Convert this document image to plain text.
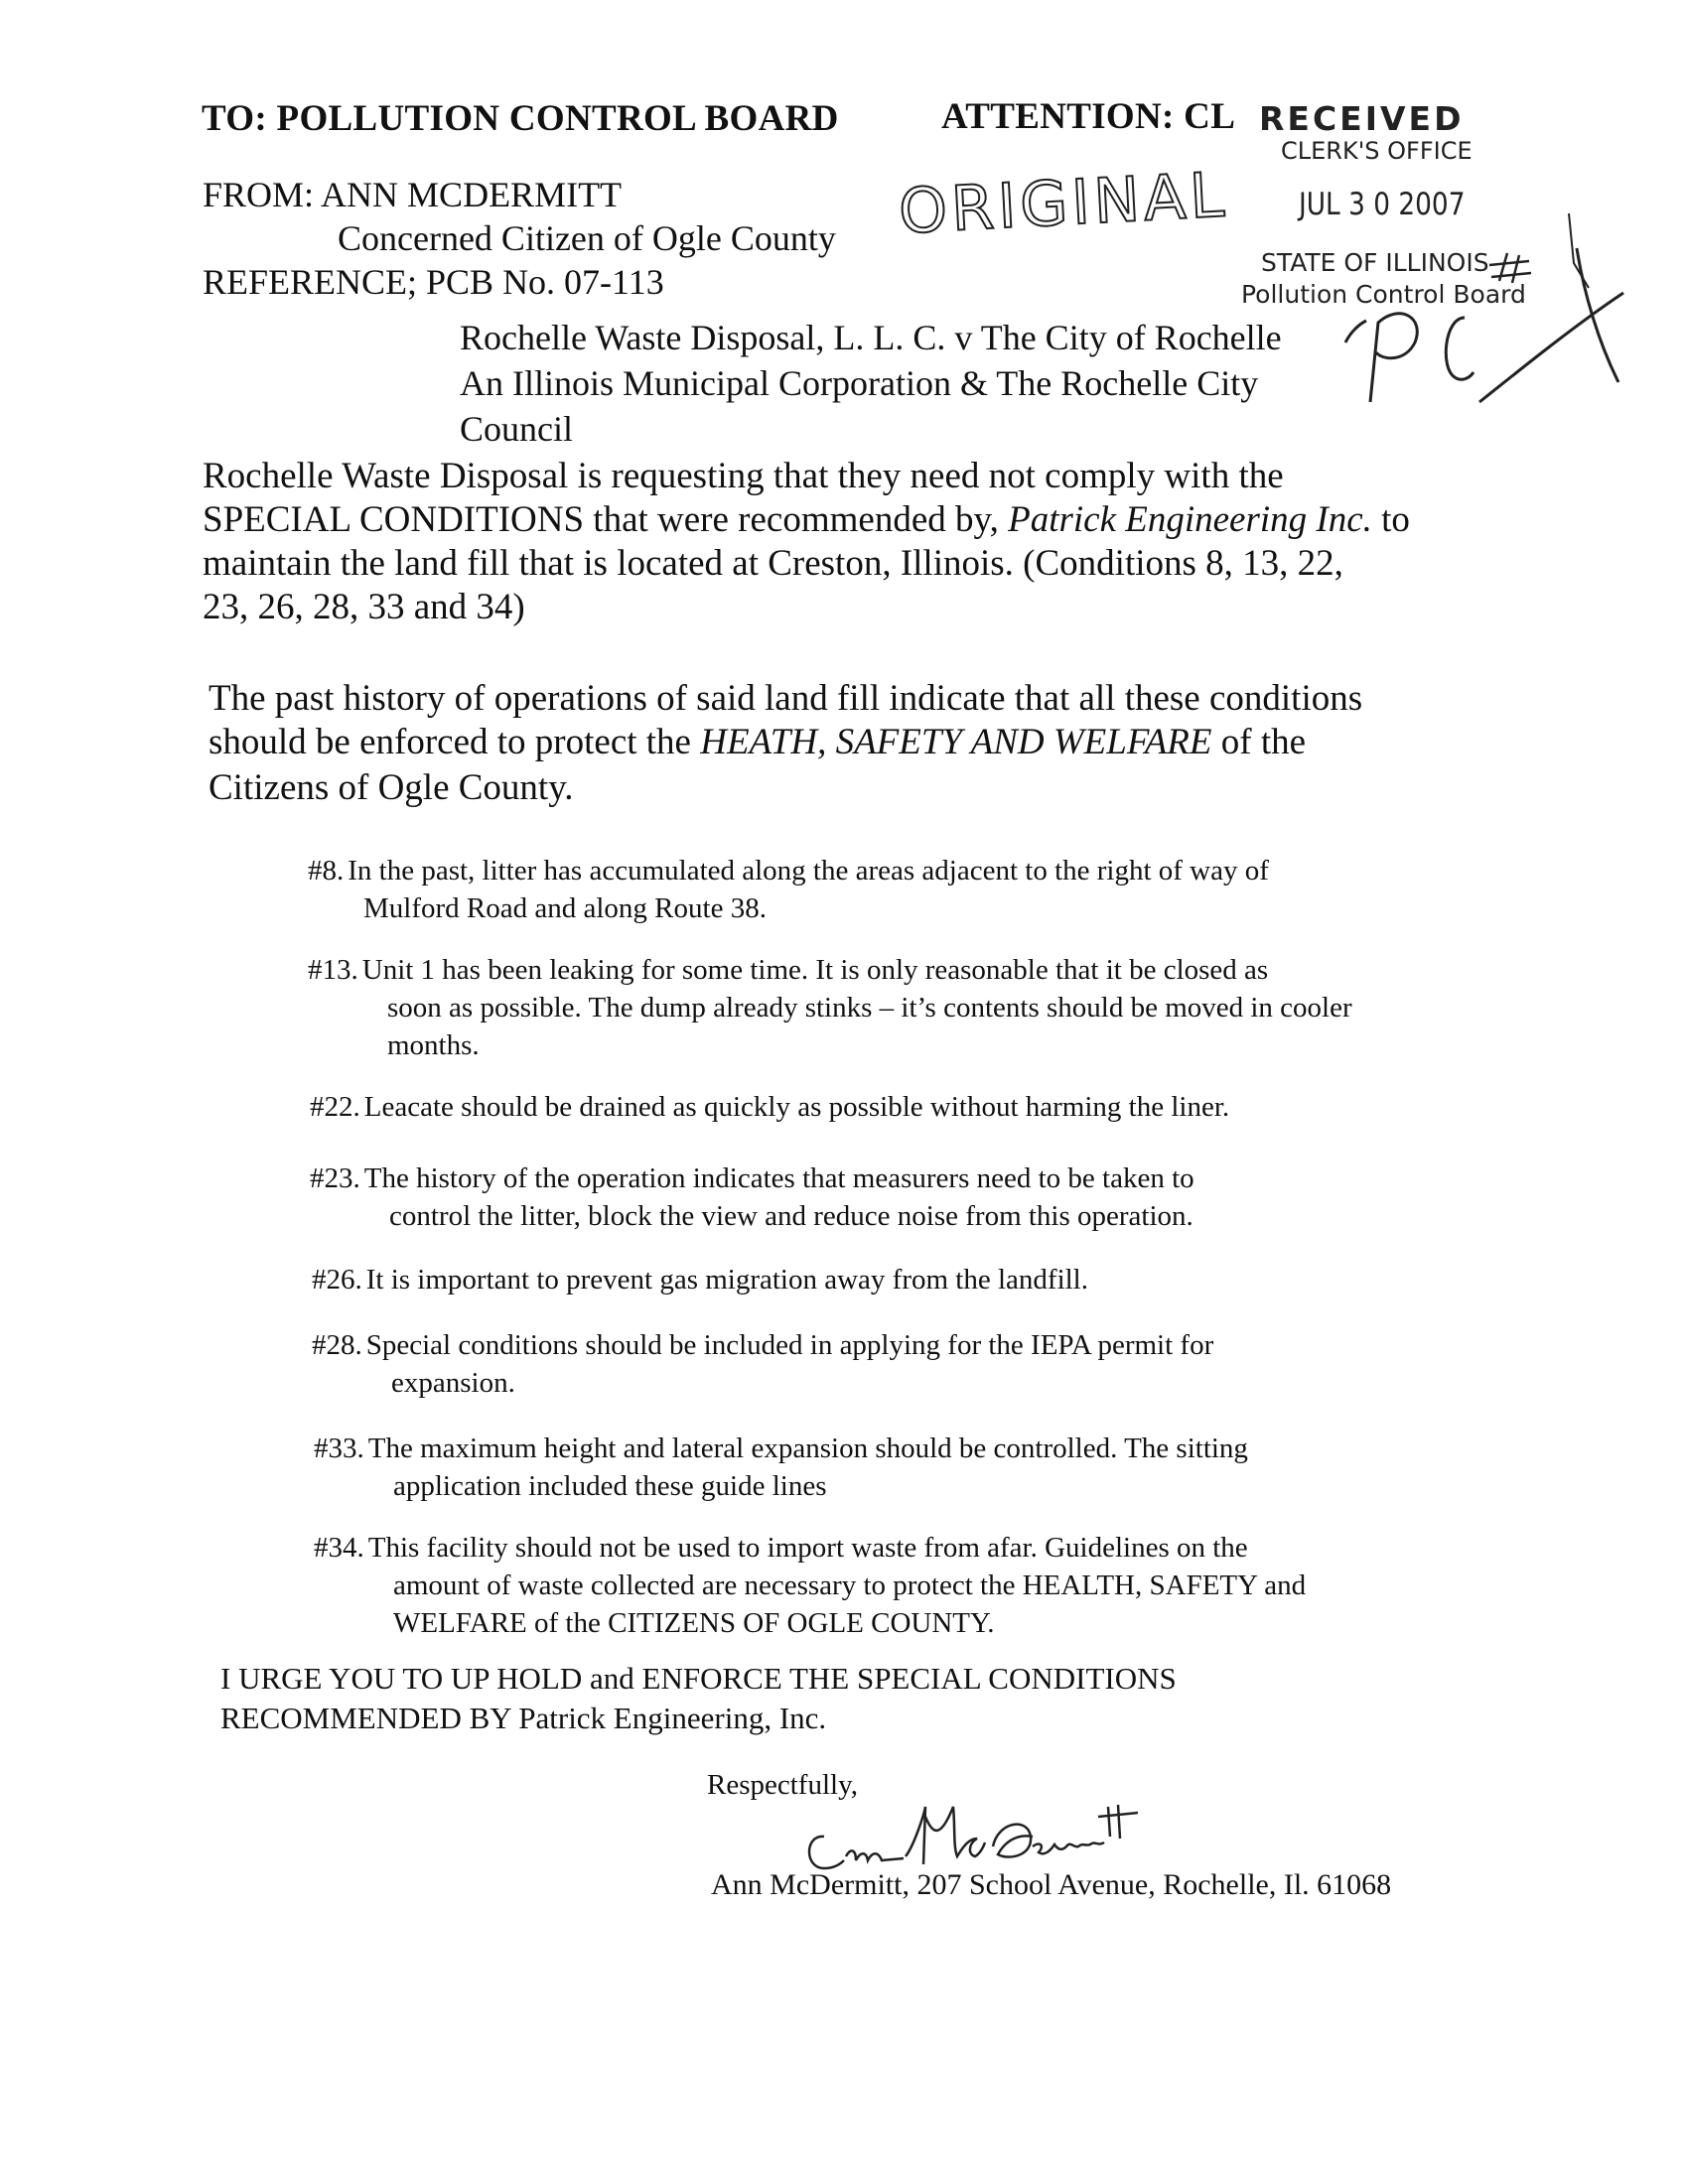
TO: POLLUTION CONTROL BOARD	ATTENTION: CL RECEIVED
CLERK'S OFFICE
ORIGINAL JUL 3 0 2007
STATE OF ILLINOIS
Pollution Control Board
FROM: ANN MCDERMITT
Concerned Citizen of Ogle County
REFERENCE; PCB No. 07-113
Rochelle Waste Disposal, L. L. C. v The City of Rochelle
An Illinois Municipal Corporation & The Rochelle City
Council
Rochelle Waste Disposal is requesting that they need not comply with the
SPECIAL CONDITIONS that were recommended by, Patrick Engineering Inc. to
maintain the land fill that is located at Creston, Illinois. (Conditions 8, 13, 22,
23, 26, 28, 33 and 34)
The past history of operations of said land fill indicate that all these conditions
should be enforced to protect the HEATH, SAFETY AND WELFARE of the
Citizens of Ogle County.
#8. In the past, litter has accumulated along the areas adjacent to the right of way of
Mulford Road and along Route 38.
#13. Unit 1 has been leaking for some time. It is only reasonable that it be closed as
soon as possible. The dump already stinks – it’s contents should be moved in cooler months.
#22. Leacate should be drained as quickly as possible without harming the liner.
#23. The history of the operation indicates that measurers need to be taken to
control the litter, block the view and reduce noise from this operation.
#26. It is important to prevent gas migration away from the landfill.
#28. Special conditions should be included in applying for the IEPA permit for
expansion.
#33. The maximum height and lateral expansion should be controlled. The sitting
application included these guide lines
#34. This facility should not be used to import waste from afar. Guidelines on the
amount of waste collected are necessary to protect the HEALTH, SAFETY and WELFARE of the CITIZENS OF OGLE COUNTY.
I URGE YOU TO UP HOLD and ENFORCE THE SPECIAL CONDITIONS
RECOMMENDED BY Patrick Engineering, Inc.
Respectfully,
Ann McDermitt, 207 School Avenue, Rochelle, Il. 61068
